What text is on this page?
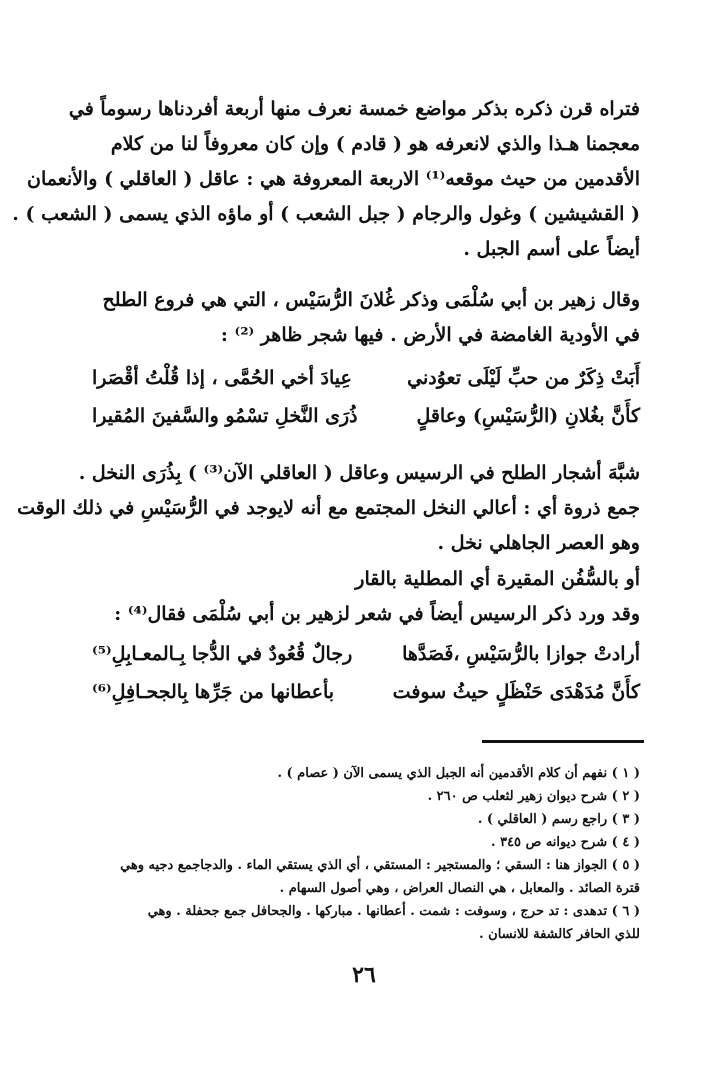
فتراه قرن ذكره بذكر مواضع خمسة نعرف منها أربعة أفردناها رسوماً في
معجمنا هـذا والذي لانعرفه هو ( قادم ) وإن كان معروفاً لنا من كلام
الأقدمين من حيث موقعه⁽¹⁾ الاربعة المعروفة هي : عاقل ( العاقلي ) والأنعمان
( القشيشين ) وغول والرجام ( جبل الشعب ) أو ماؤه الذي يسمى ( الشعب ) .
أيضاً على أسم الجبل .
وقال زهير بن أبي سُلْمَى وذكر غُلانَ الرُّسَيْس ، التي هي فروع الطلح
في الأودية الغامضة في الأرض . فيها شجر ظاهر ⁽²⁾ :
أَبَتْ ذِكَرٌ من حبِّ لَيْلَى تعوُدني
عِيادَ أخي الحُمَّى ، إذا قُلْتُ أقْصَرا
كأَنَّ بغُلانِ (الرُّسَيْسِ) وعاقلٍ
ذُرَى النَّخلِ تسْمُو والسَّفينَ المُقيرا
شبَّهَ أشجار الطلح في الرسيس وعاقل ( العاقلي الآن⁽³⁾ ) بِذُرَى النخل .
جمع ذروة أي : أعالي النخل المجتمع مع أنه لايوجد في الرُّسَيْسِ في ذلك الوقت
وهو العصر الجاهلي نخل .
أو بالسُّفُن المقيرة أي المطلية بالقار
وقد ورد ذكر الرسيس أيضاً في شعر لزهير بن أبي سُلْمَى فقال⁽⁴⁾ :
أرادتْ جوازا بالرُّسَيْسِ ،فَصَدَّها
رجالٌ قُعُودٌ في الدُّجا بِـالمعـابِلِ⁽⁵⁾
كأَنَّ مُدَهْدَى حَنْظَلٍ حيثُ سوفت
بأعطانها من جَرِّها بِالجحـافِلِ⁽⁶⁾
( ١ ) نفهم أن كلام الأقدمين أنه الجبل الذي يسمى الآن ( عصام ) .
( ٢ ) شرح ديوان زهير لثعلب ص ٢٦٠ .
( ٣ ) راجع رسم ( العاقلي ) .
( ٤ ) شرح ديوانه ص ٣٤٥ .
( ٥ ) الجواز هنا : السقي ؛ والمستجير : المستقي ، أي الذي يستقي الماء . والدجاجمع دجيه وهي
قترة الصائد . والمعابل ، هي النصال العراض ، وهي أصول السهام .
( ٦ ) تدهدى : تد حرج ، وسوفت : شمت . أعطانها . مباركها . والجحافل جمع جحفلة . وهي
للذي الحافر كالشفة للانسان .
٢٦
